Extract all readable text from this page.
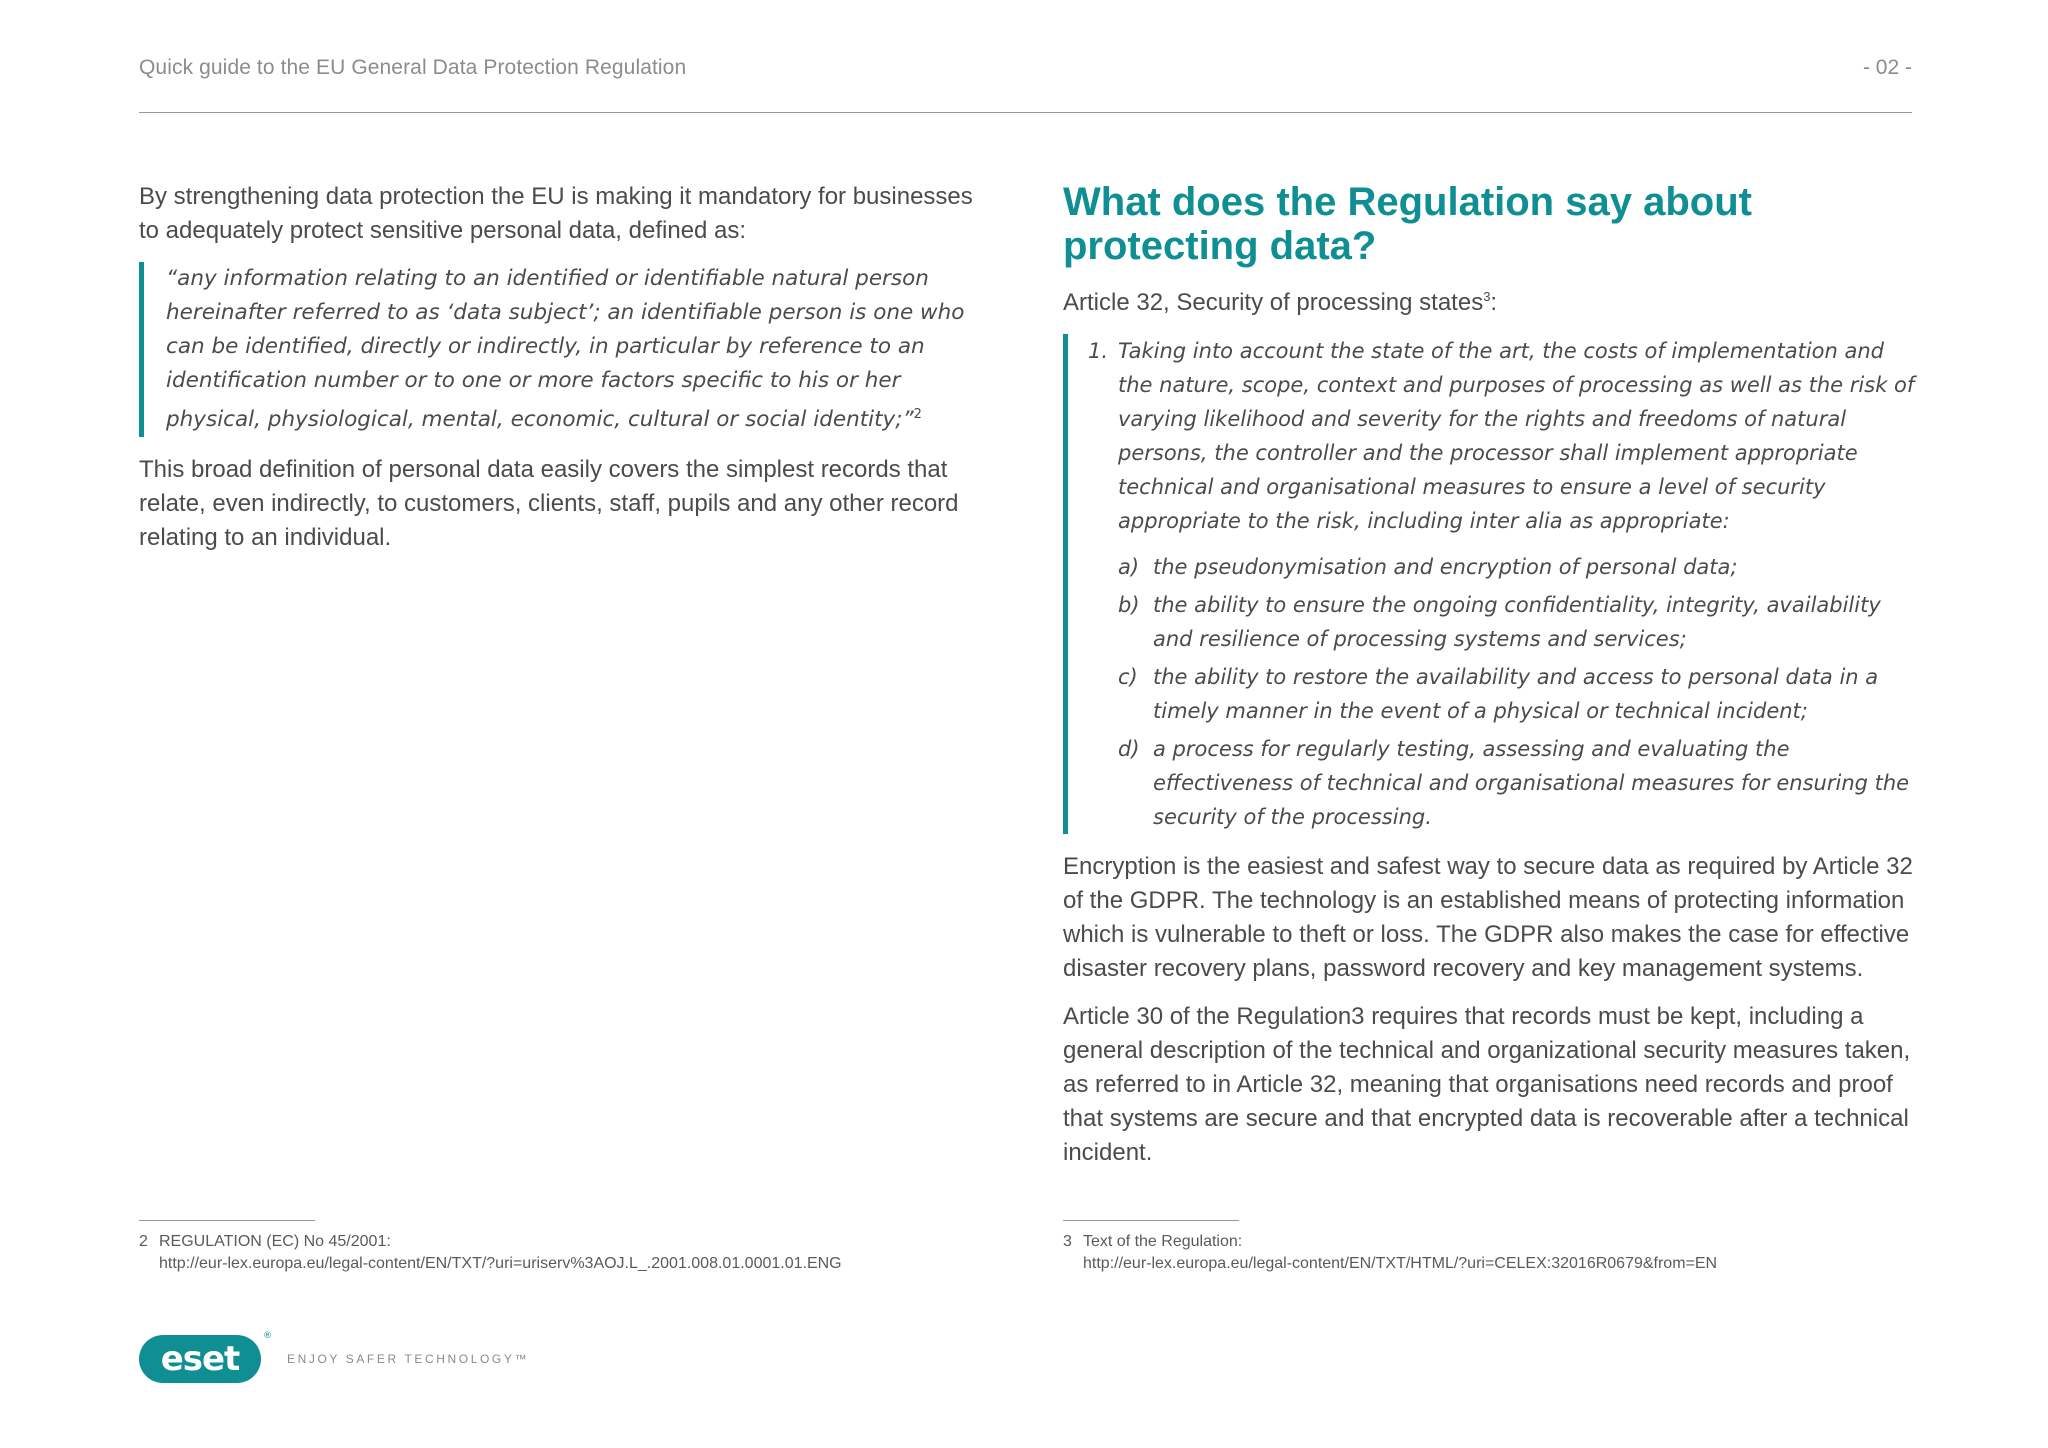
Quick guide to the EU General Data Protection Regulation	- 02 -

By strengthening data protection the EU is making it mandatory for businesses to adequately protect sensitive personal data, defined as:

“any information relating to an identified or identifiable natural person hereinafter referred to as ‘data subject’; an identifiable person is one who can be identified, directly or indirectly, in particular by reference to an identification number or to one or more factors specific to his or her physical, physiological, mental, economic, cultural or social identity;”$^2$

This broad definition of personal data easily covers the simplest records that relate, even indirectly, to customers, clients, staff, pupils and any other record relating to an individual.

What does the Regulation say about protecting data?

Article 32, Security of processing states$^3$:

1. Taking into account the state of the art, the costs of implementation and the nature, scope, context and purposes of processing as well as the risk of varying likelihood and severity for the rights and freedoms of natural persons, the controller and the processor shall implement appropriate technical and organisational measures to ensure a level of security appropriate to the risk, including inter alia as appropriate:
a) the pseudonymisation and encryption of personal data;
b) the ability to ensure the ongoing confidentiality, integrity, availability and resilience of processing systems and services;
c) the ability to restore the availability and access to personal data in a timely manner in the event of a physical or technical incident;
d) a process for regularly testing, assessing and evaluating the effectiveness of technical and organisational measures for ensuring the security of the processing.

Encryption is the easiest and safest way to secure data as required by Article 32 of the GDPR. The technology is an established means of protecting information which is vulnerable to theft or loss. The GDPR also makes the case for effective disaster recovery plans, password recovery and key management systems.

Article 30 of the Regulation3 requires that records must be kept, including a general description of the technical and organizational security measures taken, as referred to in Article 32, meaning that organisations need records and proof that systems are secure and that encrypted data is recoverable after a technical incident.

2 REGULATION (EC) No 45/2001:
http://eur-lex.europa.eu/legal-content/EN/TXT/?uri=uriserv%3AOJ.L_.2001.008.01.0001.01.ENG
3 Text of the Regulation:
http://eur-lex.europa.eu/legal-content/EN/TXT/HTML/?uri=CELEX:32016R0679&from=EN
eset
®
ENJOY SAFER TECHNOLOGY™
